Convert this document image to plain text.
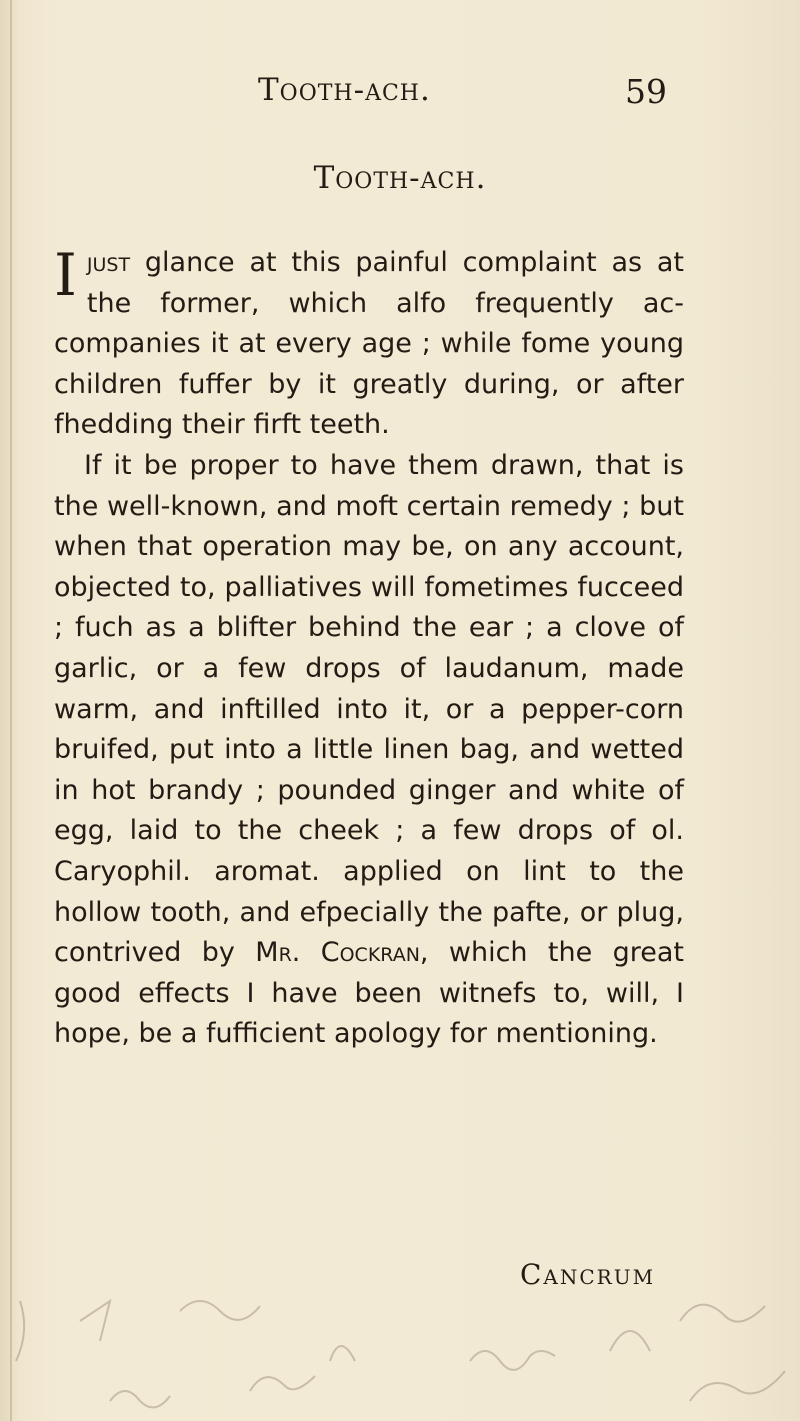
Tooth-ach.	59
Tooth-ach.

Ijust glance at this painful complaint as at the former, which alfo frequently accompanies it at every age ; while fome young children fuffer by it greatly during, or after fhedding their firft teeth.

If it be proper to have them drawn, that is the well-known, and moft certain remedy ; but when that operation may be, on any account, objected to, palliatives will fometimes fucceed ; fuch as a blifter behind the ear ; a clove of garlic, or a few drops of laudanum, made warm, and inftilled into it, or a pepper-corn bruifed, put into a little linen bag, and wetted in hot brandy ; pounded ginger and white of egg, laid to the cheek ; a few drops of ol. Caryophil. aromat. applied on lint to the hollow tooth, and efpecially the pafte, or plug, contrived by Mr. Cockran, which the great good effects I have been witnefs to, will, I hope, be a fufficient apology for mentioning.

Cancrum
